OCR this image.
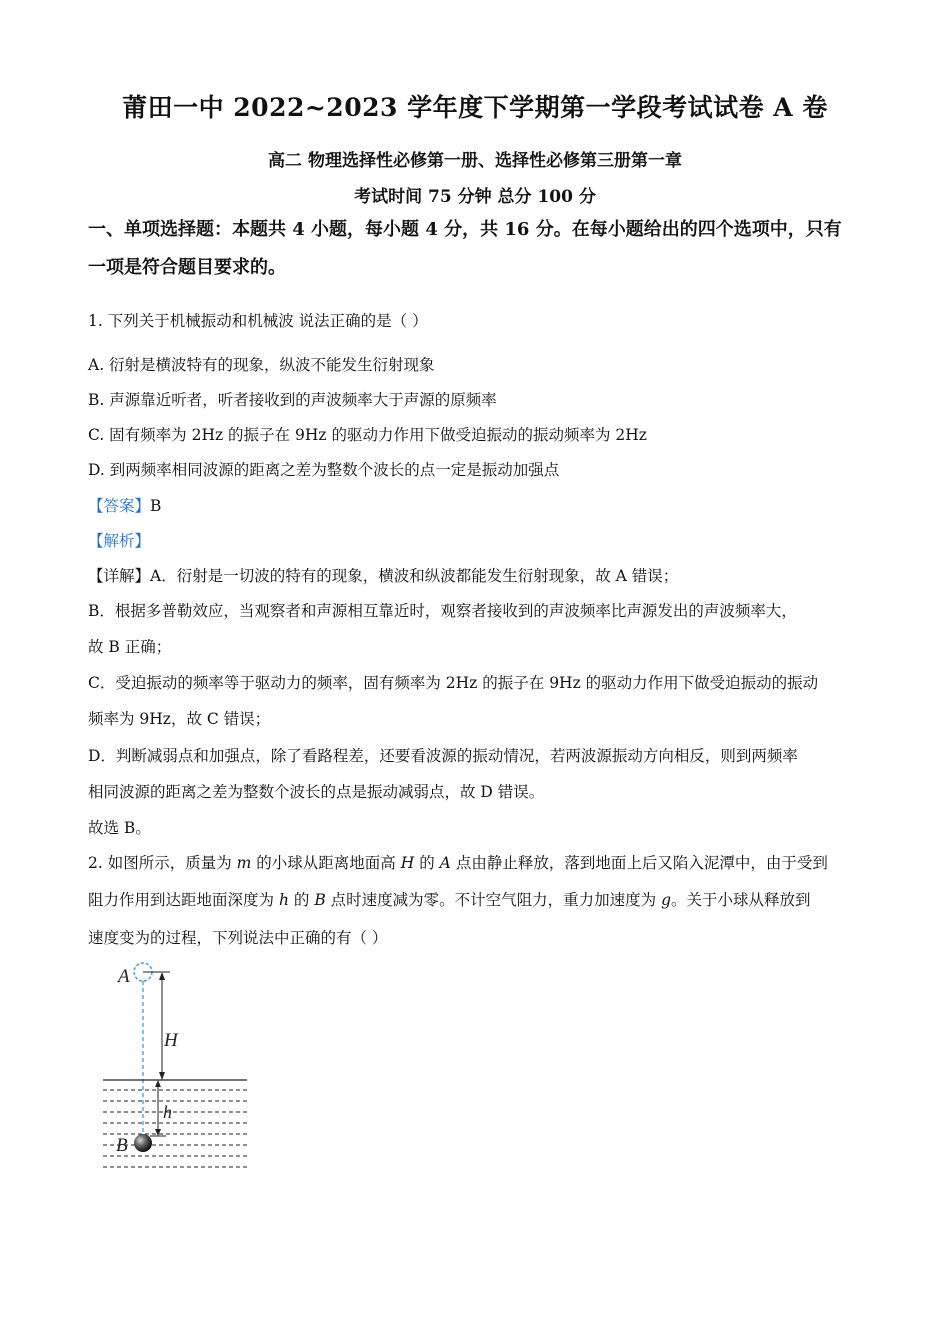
莆田一中 2022~2023 学年度下学期第一学段考试试卷 A 卷
高二 物理选择性必修第一册、选择性必修第三册第一章
考试时间 75 分钟 总分 100 分
一、单项选择题：本题共 4 小题，每小题 4 分，共 16 分。在每小题给出的四个选项中，只有
一项是符合题目要求的。
1. 下列关于机械振动和机械波 说法正确的是（ ）
A. 衍射是横波特有的现象，纵波不能发生衍射现象
B. 声源靠近听者，听者接收到的声波频率大于声源的原频率
C. 固有频率为 2Hz 的振子在 9Hz 的驱动力作用下做受迫振动的振动频率为 2Hz
D. 到两频率相同波源的距离之差为整数个波长的点一定是振动加强点
【答案】B
【解析】
【详解】A．衍射是一切波的特有的现象，横波和纵波都能发生衍射现象，故 A 错误；
B．根据多普勒效应，当观察者和声源相互靠近时，观察者接收到的声波频率比声源发出的声波频率大，
故 B 正确；
C．受迫振动的频率等于驱动力的频率，固有频率为 2Hz 的振子在 9Hz 的驱动力作用下做受迫振动的振动
频率为 9Hz，故 C 错误；
D．判断减弱点和加强点，除了看路程差，还要看波源的振动情况，若两波源振动方向相反，则到两频率
相同波源的距离之差为整数个波长的点是振动减弱点，故 D 错误。
故选 B。
2. 如图所示，质量为 m 的小球从距离地面高 H 的 A 点由静止释放，落到地面上后又陷入泥潭中，由于受到
阻力作用到达距地面深度为 h 的 B 点时速度减为零。不计空气阻力，重力加速度为 g。关于小球从释放到
速度变为的过程，下列说法中正确的有（ ）
A
H
h
B
